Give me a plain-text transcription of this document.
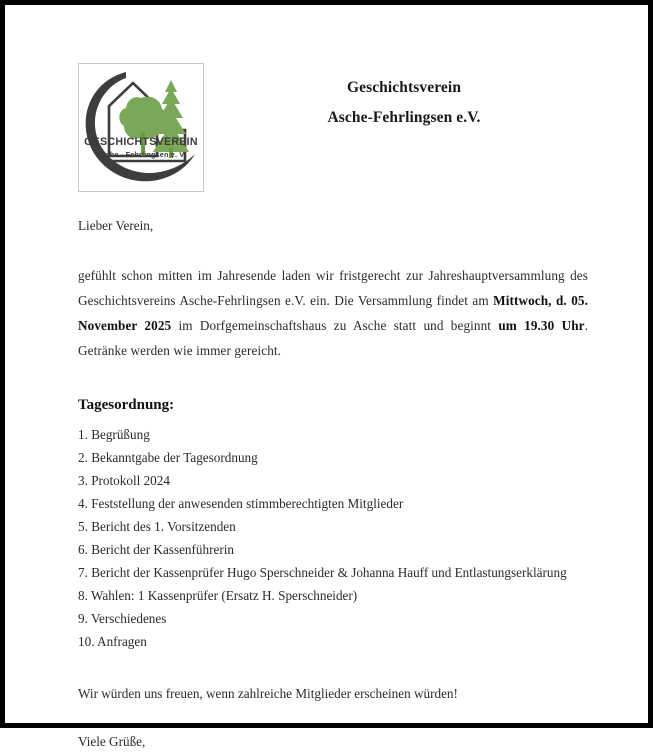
GESCHICHTSVEREIN
Asche - Fehrlingsen e. V.
Geschichtsverein
Asche-Fehrlingsen e.V.

Lieber Verein,

gefühlt schon mitten im Jahresende laden wir fristgerecht zur Jahreshauptversammlung des Geschichtsvereins Asche-Fehrlingsen e.V. ein. Die Versammlung findet am Mittwoch, d. 05. November 2025 im Dorfgemeinschaftshaus zu Asche statt und beginnt um 19.30 Uhr. Getränke werden wie immer gereicht.

Tagesordnung:

1. Begrüßung
2. Bekanntgabe der Tagesordnung
3. Protokoll 2024
4. Feststellung der anwesenden stimmberechtigten Mitglieder
5. Bericht des 1. Vorsitzenden
6. Bericht der Kassenführerin
7. Bericht der Kassenprüfer Hugo Sperschneider & Johanna Hauff und Entlastungserklärung
8. Wahlen: 1 Kassenprüfer (Ersatz H. Sperschneider)
9. Verschiedenes
10. Anfragen

Wir würden uns freuen, wenn zahlreiche Mitglieder erscheinen würden!

Viele Grüße,
